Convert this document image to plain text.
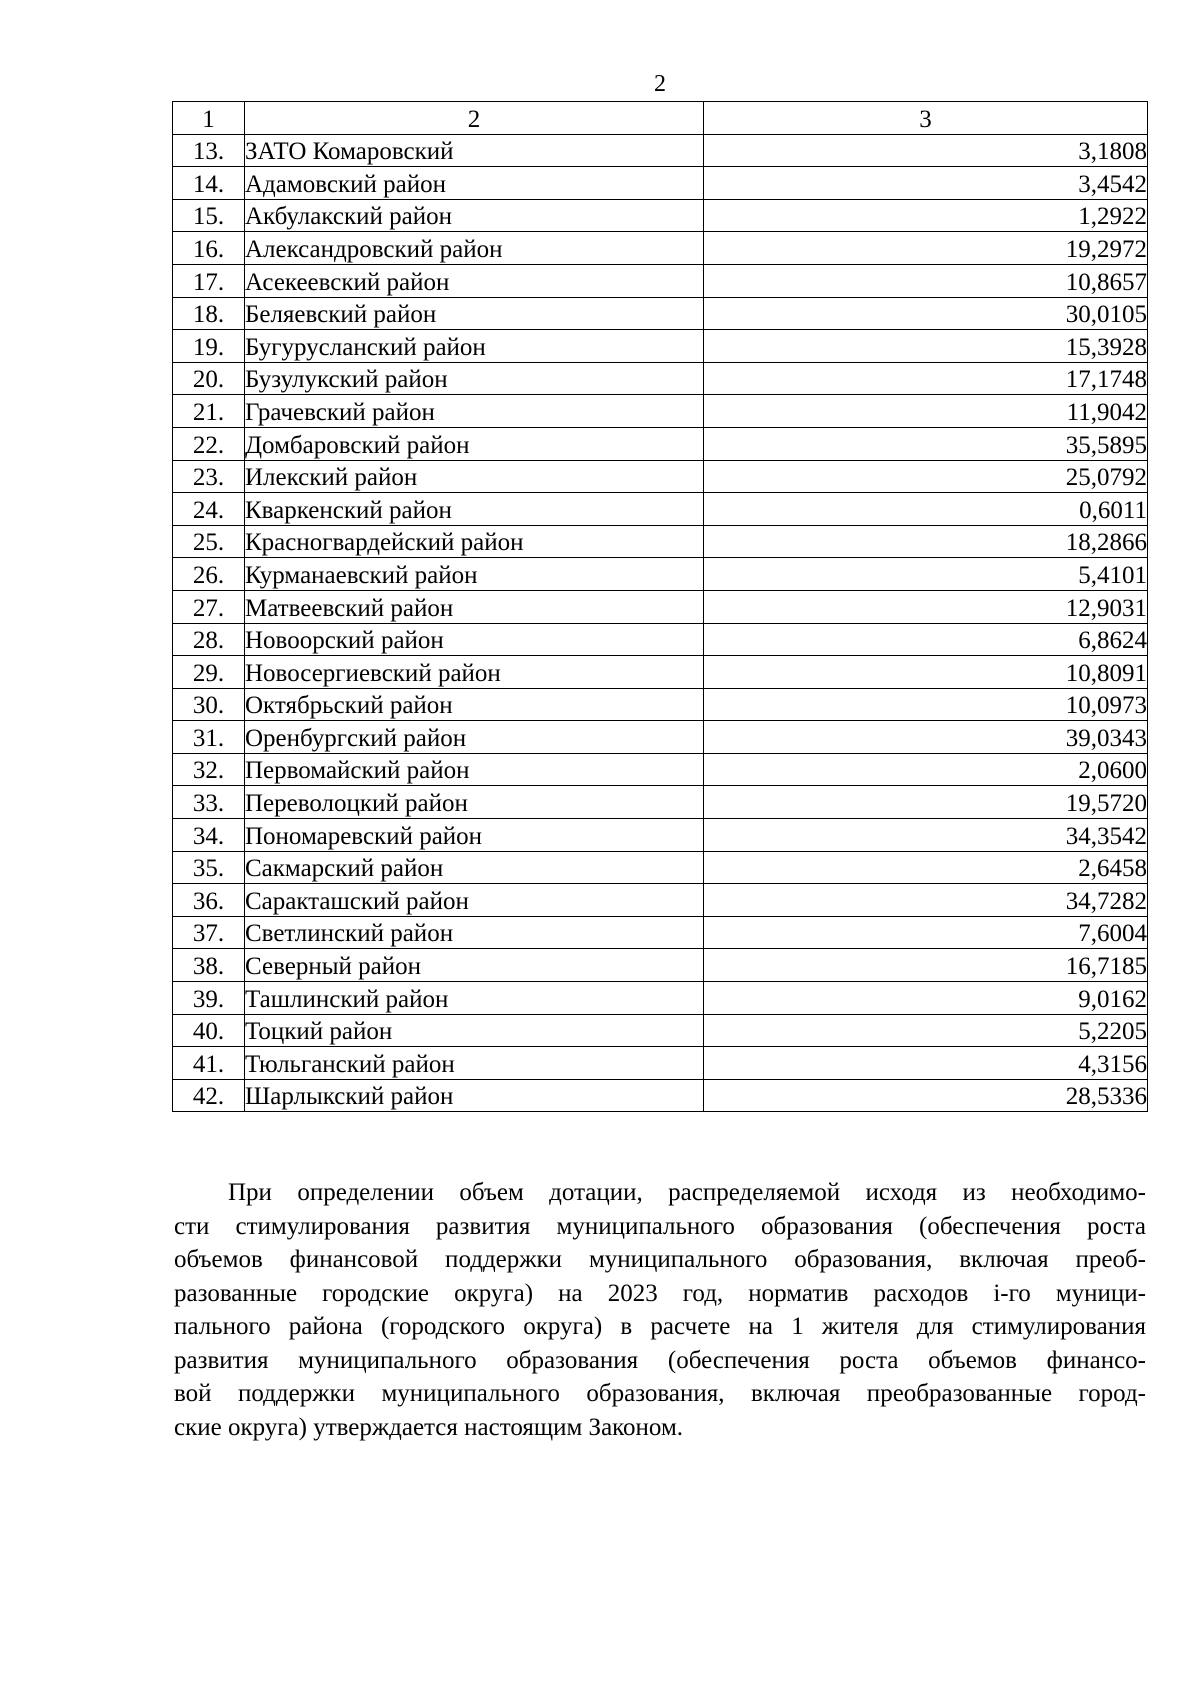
2
1	2	3
13.	ЗАТО Комаровский	3,1808
14.	Адамовский район	3,4542
15.	Акбулакский район	1,2922
16.	Александровский район	19,2972
17.	Асекеевский район	10,8657
18.	Беляевский район	30,0105
19.	Бугурусланский район	15,3928
20.	Бузулукский район	17,1748
21.	Грачевский район	11,9042
22.	Домбаровский район	35,5895
23.	Илекский район	25,0792
24.	Кваркенский район	0,6011
25.	Красногвардейский район	18,2866
26.	Курманаевский район	5,4101
27.	Матвеевский район	12,9031
28.	Новоорский район	6,8624
29.	Новосергиевский район	10,8091
30.	Октябрьский район	10,0973
31.	Оренбургский район	39,0343
32.	Первомайский район	2,0600
33.	Переволоцкий район	19,5720
34.	Пономаревский район	34,3542
35.	Сакмарский район	2,6458
36.	Саракташский район	34,7282
37.	Светлинский район	7,6004
38.	Северный район	16,7185
39.	Ташлинский район	9,0162
40.	Тоцкий район	5,2205
41.	Тюльганский район	4,3156
42.	Шарлыкский район	28,5336
При определении объем дотации, распределяемой исходя из необходимо-
сти стимулирования развития муниципального образования (обеспечения роста
объемов финансовой поддержки муниципального образования, включая преоб-
разованные городские округа) на 2023 год, норматив расходов i-го муници-
пального района (городского округа) в расчете на 1 жителя для стимулирования
развития муниципального образования (обеспечения роста объемов финансо-
вой поддержки муниципального образования, включая преобразованные город-
ские округа) утверждается настоящим Законом.
